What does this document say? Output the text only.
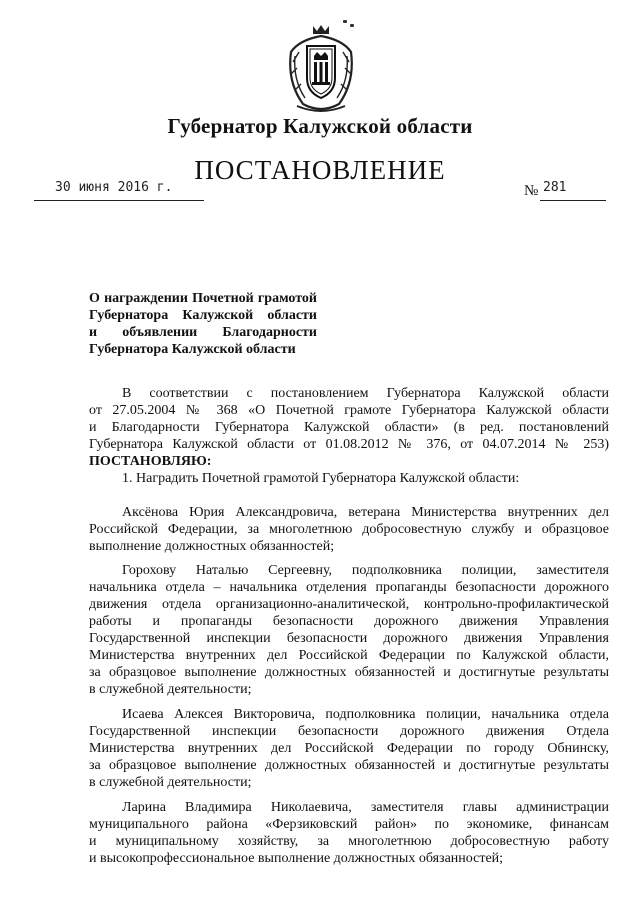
Губернатор Калужской области
ПОСТАНОВЛЕНИЕ
30 июня 2016 г.	№ 281
О награждении Почетной грамотой
Губернатора Калужской области
и объявлении Благодарности
Губернатора Калужской области
В соответствии с постановлением Губернатора Калужской области
от 27.05.2004 № 368 «О Почетной грамоте Губернатора Калужской области
и Благодарности Губернатора Калужской области» (в ред. постановлений
Губернатора Калужской области от 01.08.2012 № 376, от 04.07.2014 № 253)
ПОСТАНОВЛЯЮ:
1. Наградить Почетной грамотой Губернатора Калужской области:
Аксёнова Юрия Александровича, ветерана Министерства внутренних дел
Российской Федерации, за многолетнюю добросовестную службу и образцовое
выполнение должностных обязанностей;
Горохову Наталью Сергеевну, подполковника полиции, заместителя
начальника отдела – начальника отделения пропаганды безопасности дорожного
движения отдела организационно-аналитической, контрольно-профилактической
работы и пропаганды безопасности дорожного движения Управления
Государственной инспекции безопасности дорожного движения Управления
Министерства внутренних дел Российской Федерации по Калужской области,
за образцовое выполнение должностных обязанностей и достигнутые результаты
в служебной деятельности;
Исаева Алексея Викторовича, подполковника полиции, начальника отдела
Государственной инспекции безопасности дорожного движения Отдела
Министерства внутренних дел Российской Федерации по городу Обнинску,
за образцовое выполнение должностных обязанностей и достигнутые результаты
в служебной деятельности;
Ларина Владимира Николаевича, заместителя главы администрации
муниципального района «Ферзиковский район» по экономике, финансам
и муниципальному хозяйству, за многолетнюю добросовестную работу
и высокопрофессиональное выполнение должностных обязанностей;
